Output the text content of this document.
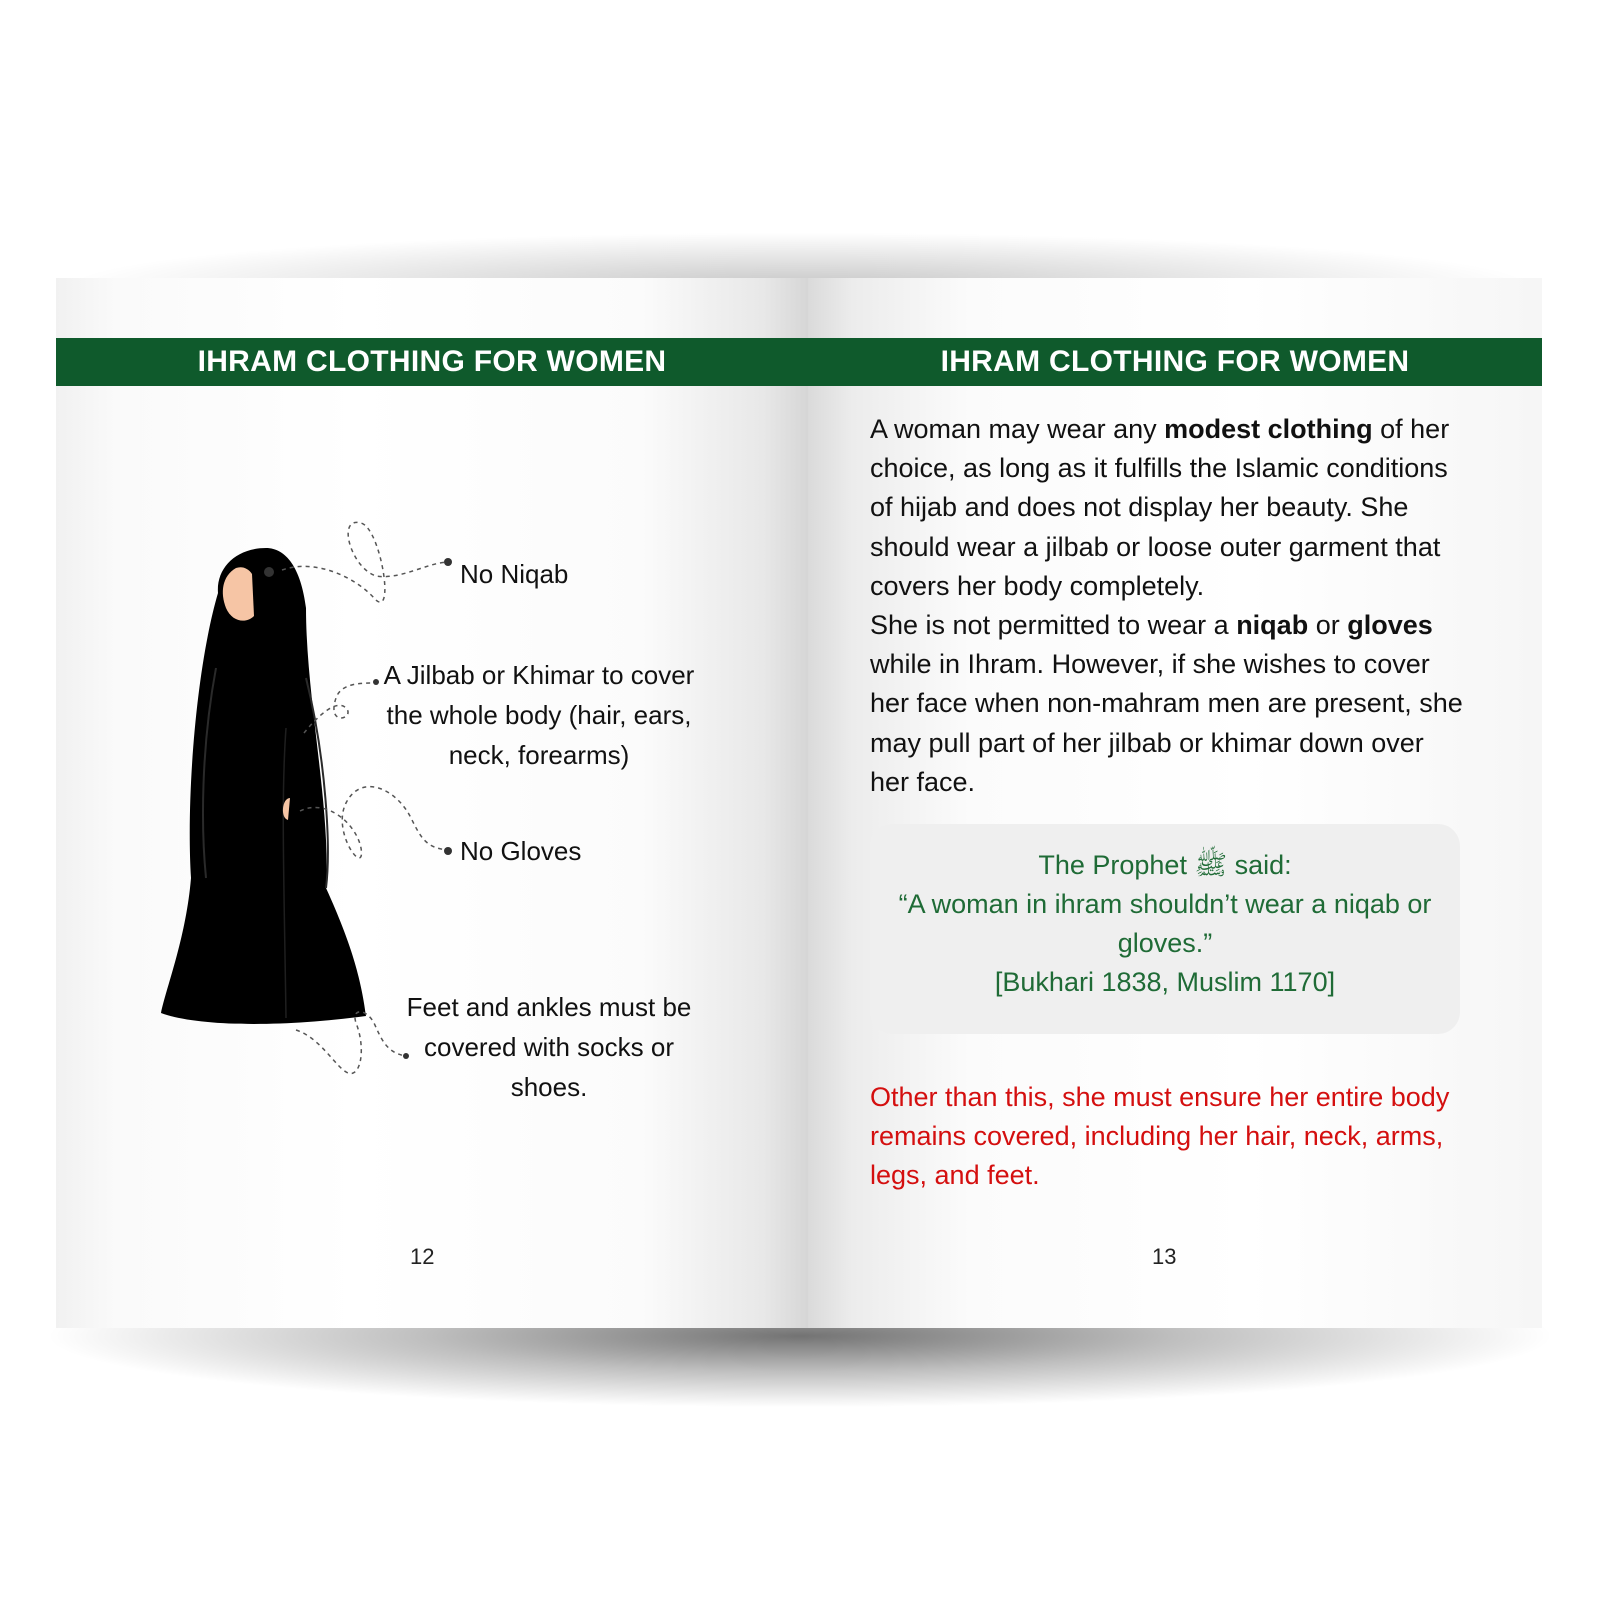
IHRAM CLOTHING FOR WOMEN
No Niqab
A Jilbab or Khimar to cover
the whole body (hair, ears,
neck, forearms)
No Gloves
Feet and ankles must be
covered with socks or
shoes.
12
IHRAM CLOTHING FOR WOMEN
A woman may wear any modest clothing of her choice, as long as it fulfills the Islamic conditions of hijab and does not display her beauty. She should wear a jilbab or loose outer garment that covers her body completely.
She is not permitted to wear a niqab or gloves while in Ihram. However, if she wishes to cover her face when non-mahram men are present, she may pull part of her jilbab or khimar down over her face.
The Prophet ﷺ said:
“A woman in ihram shouldn’t wear a niqab or gloves.”
[Bukhari 1838, Muslim 1170]
Other than this, she must ensure her entire body remains covered, including her hair, neck, arms, legs, and feet.
13
